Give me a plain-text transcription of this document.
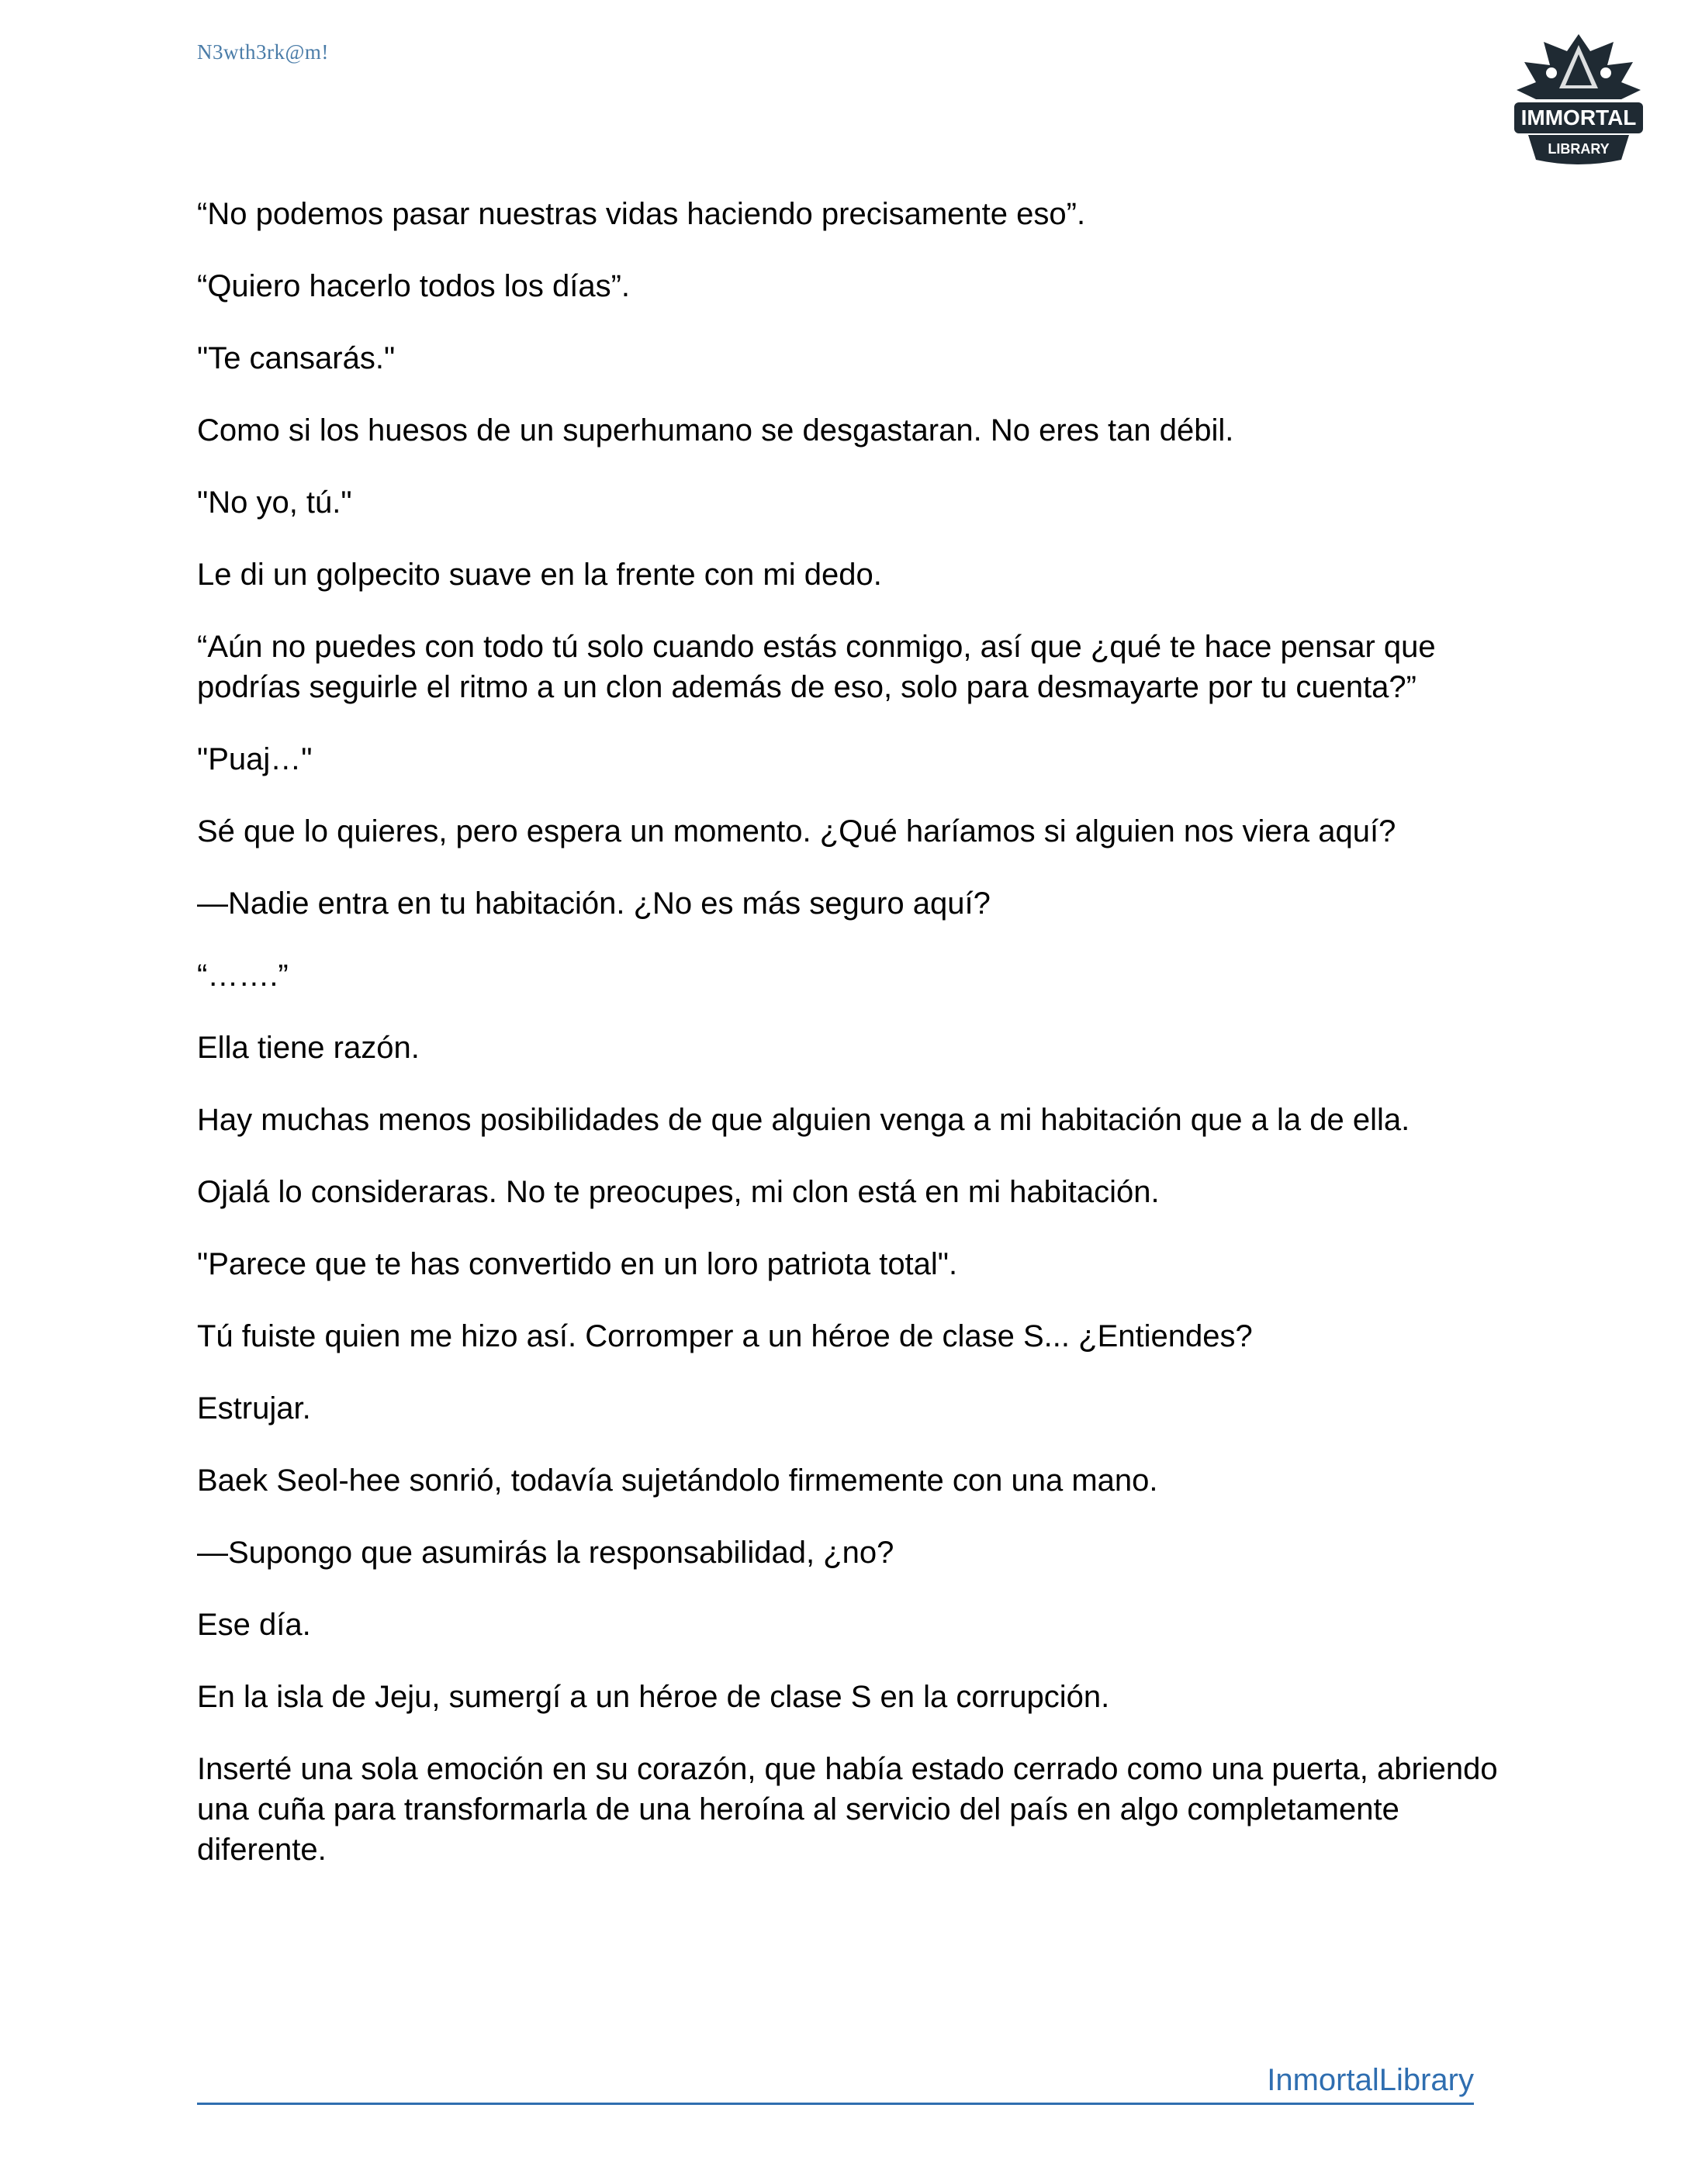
N3wth3rk@m!
IMMORTAL
LIBRARY

“No podemos pasar nuestras vidas haciendo precisamente eso”.

“Quiero hacerlo todos los días”.

"Te cansarás."

Como si los huesos de un superhumano se desgastaran. No eres tan débil.

"No yo, tú."

Le di un golpecito suave en la frente con mi dedo.

“Aún no puedes con todo tú solo cuando estás conmigo, así que ¿qué te hace pensar que podrías seguirle el ritmo a un clon además de eso, solo para desmayarte por tu cuenta?”

"Puaj…"

Sé que lo quieres, pero espera un momento. ¿Qué haríamos si alguien nos viera aquí?

—Nadie entra en tu habitación. ¿No es más seguro aquí?

“…….”

Ella tiene razón.

Hay muchas menos posibilidades de que alguien venga a mi habitación que a la de ella.

Ojalá lo consideraras. No te preocupes, mi clon está en mi habitación.

"Parece que te has convertido en un loro patriota total".

Tú fuiste quien me hizo así. Corromper a un héroe de clase S... ¿Entiendes?

Estrujar.

Baek Seol-hee sonrió, todavía sujetándolo firmemente con una mano.

—Supongo que asumirás la responsabilidad, ¿no?

Ese día.

En la isla de Jeju, sumergí a un héroe de clase S en la corrupción.

Inserté una sola emoción en su corazón, que había estado cerrado como una puerta, abriendo una cuña para transformarla de una heroína al servicio del país en algo completamente diferente.

InmortalLibrary
